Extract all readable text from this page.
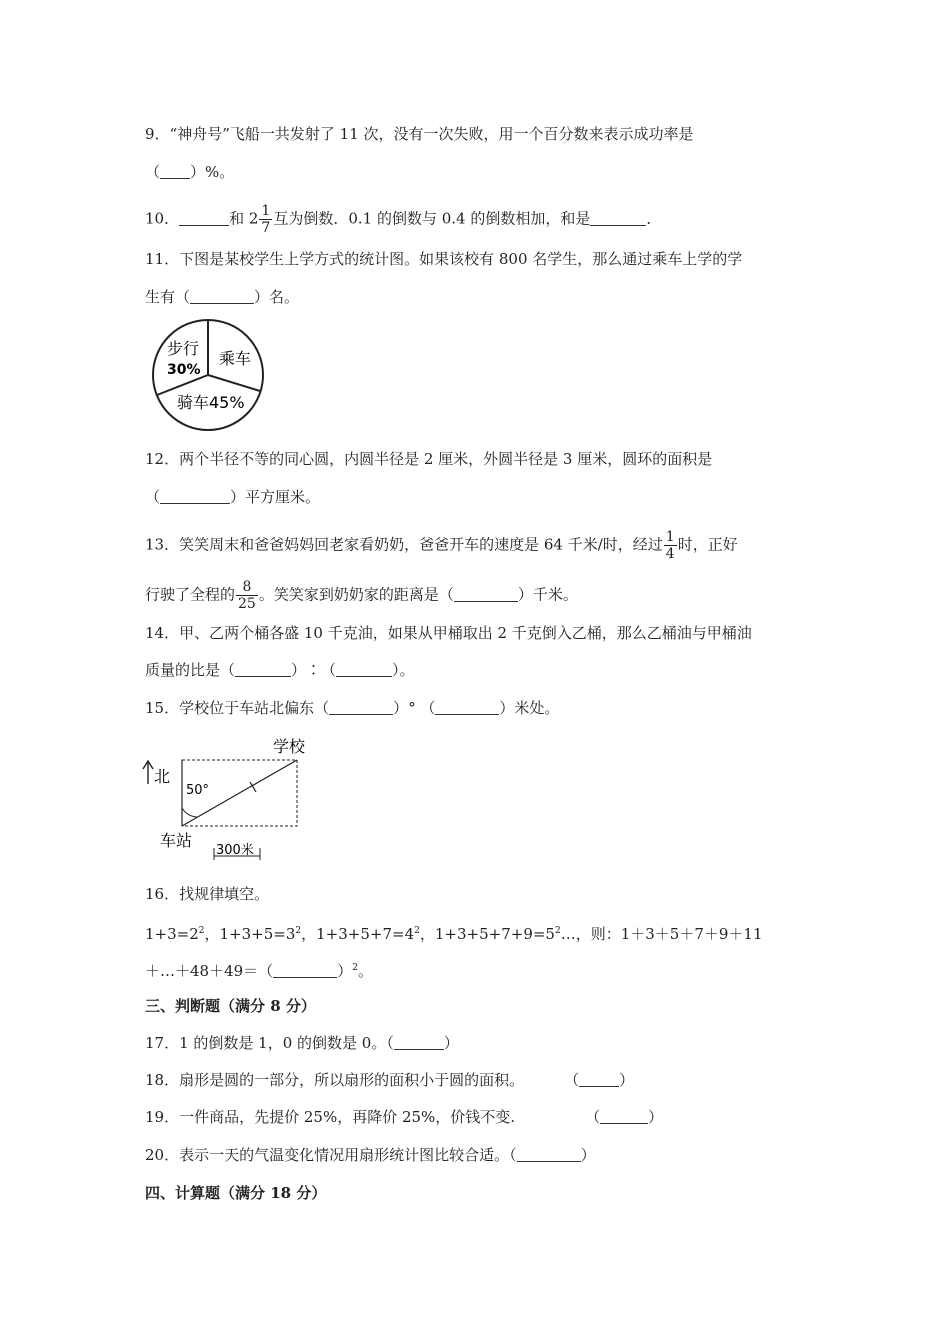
9．“神舟号”飞船一共发射了 11 次，没有一次失败，用一个百分数来表示成功率是
（ ）%。
10．	和 $2 \frac{1}{7}$ 互为倒数．0.1 的倒数与 0.4 的倒数相加，和是	．
11．下图是某校学生上学方式的统计图。如果该校有 800 名学生，那么通过乘车上学的学
生有（	）名。
步行
30%
乘车
骑车45%
12．两个半径不等的同心圆，内圆半径是 2 厘米，外圆半径是 3 厘米，圆环的面积是
（	）平方厘米。
13．笑笑周末和爸爸妈妈回老家看奶奶，爸爸开车的速度是 64 千米/时，经过 $\frac{1}{4}$ 时，正好
行驶了全程的 $\frac{8}{25}$ 。笑笑家到奶奶家的距离是（	）千米。
14．甲、乙两个桶各盛 10 千克油，如果从甲桶取出 2 千克倒入乙桶，那么乙桶油与甲桶油
质量的比是（	）∶（	）。
15．学校位于车站北偏东（	）° （	）米处。
学校
北
50°
车站
300米
16．找规律填空。
$1+3=2^2$，$1+3+5=3^2$，$1+3+5+7=4^2$，$1+3+5+7+9=5^2\dots$，则：1＋3＋5＋7＋9＋11
＋…＋48＋49＝（	）$^2$。
三、判断题（满分 8 分）
17．1 的倒数是 1，0 的倒数是 0。（	）
18．扇形是圆的一部分，所以扇形的面积小于圆的面积。	（	）
19．一件商品，先提价 25%，再降价 25%，价钱不变.	（	）
20．表示一天的气温变化情况用扇形统计图比较合适。（	）
四、计算题（满分 18 分）
